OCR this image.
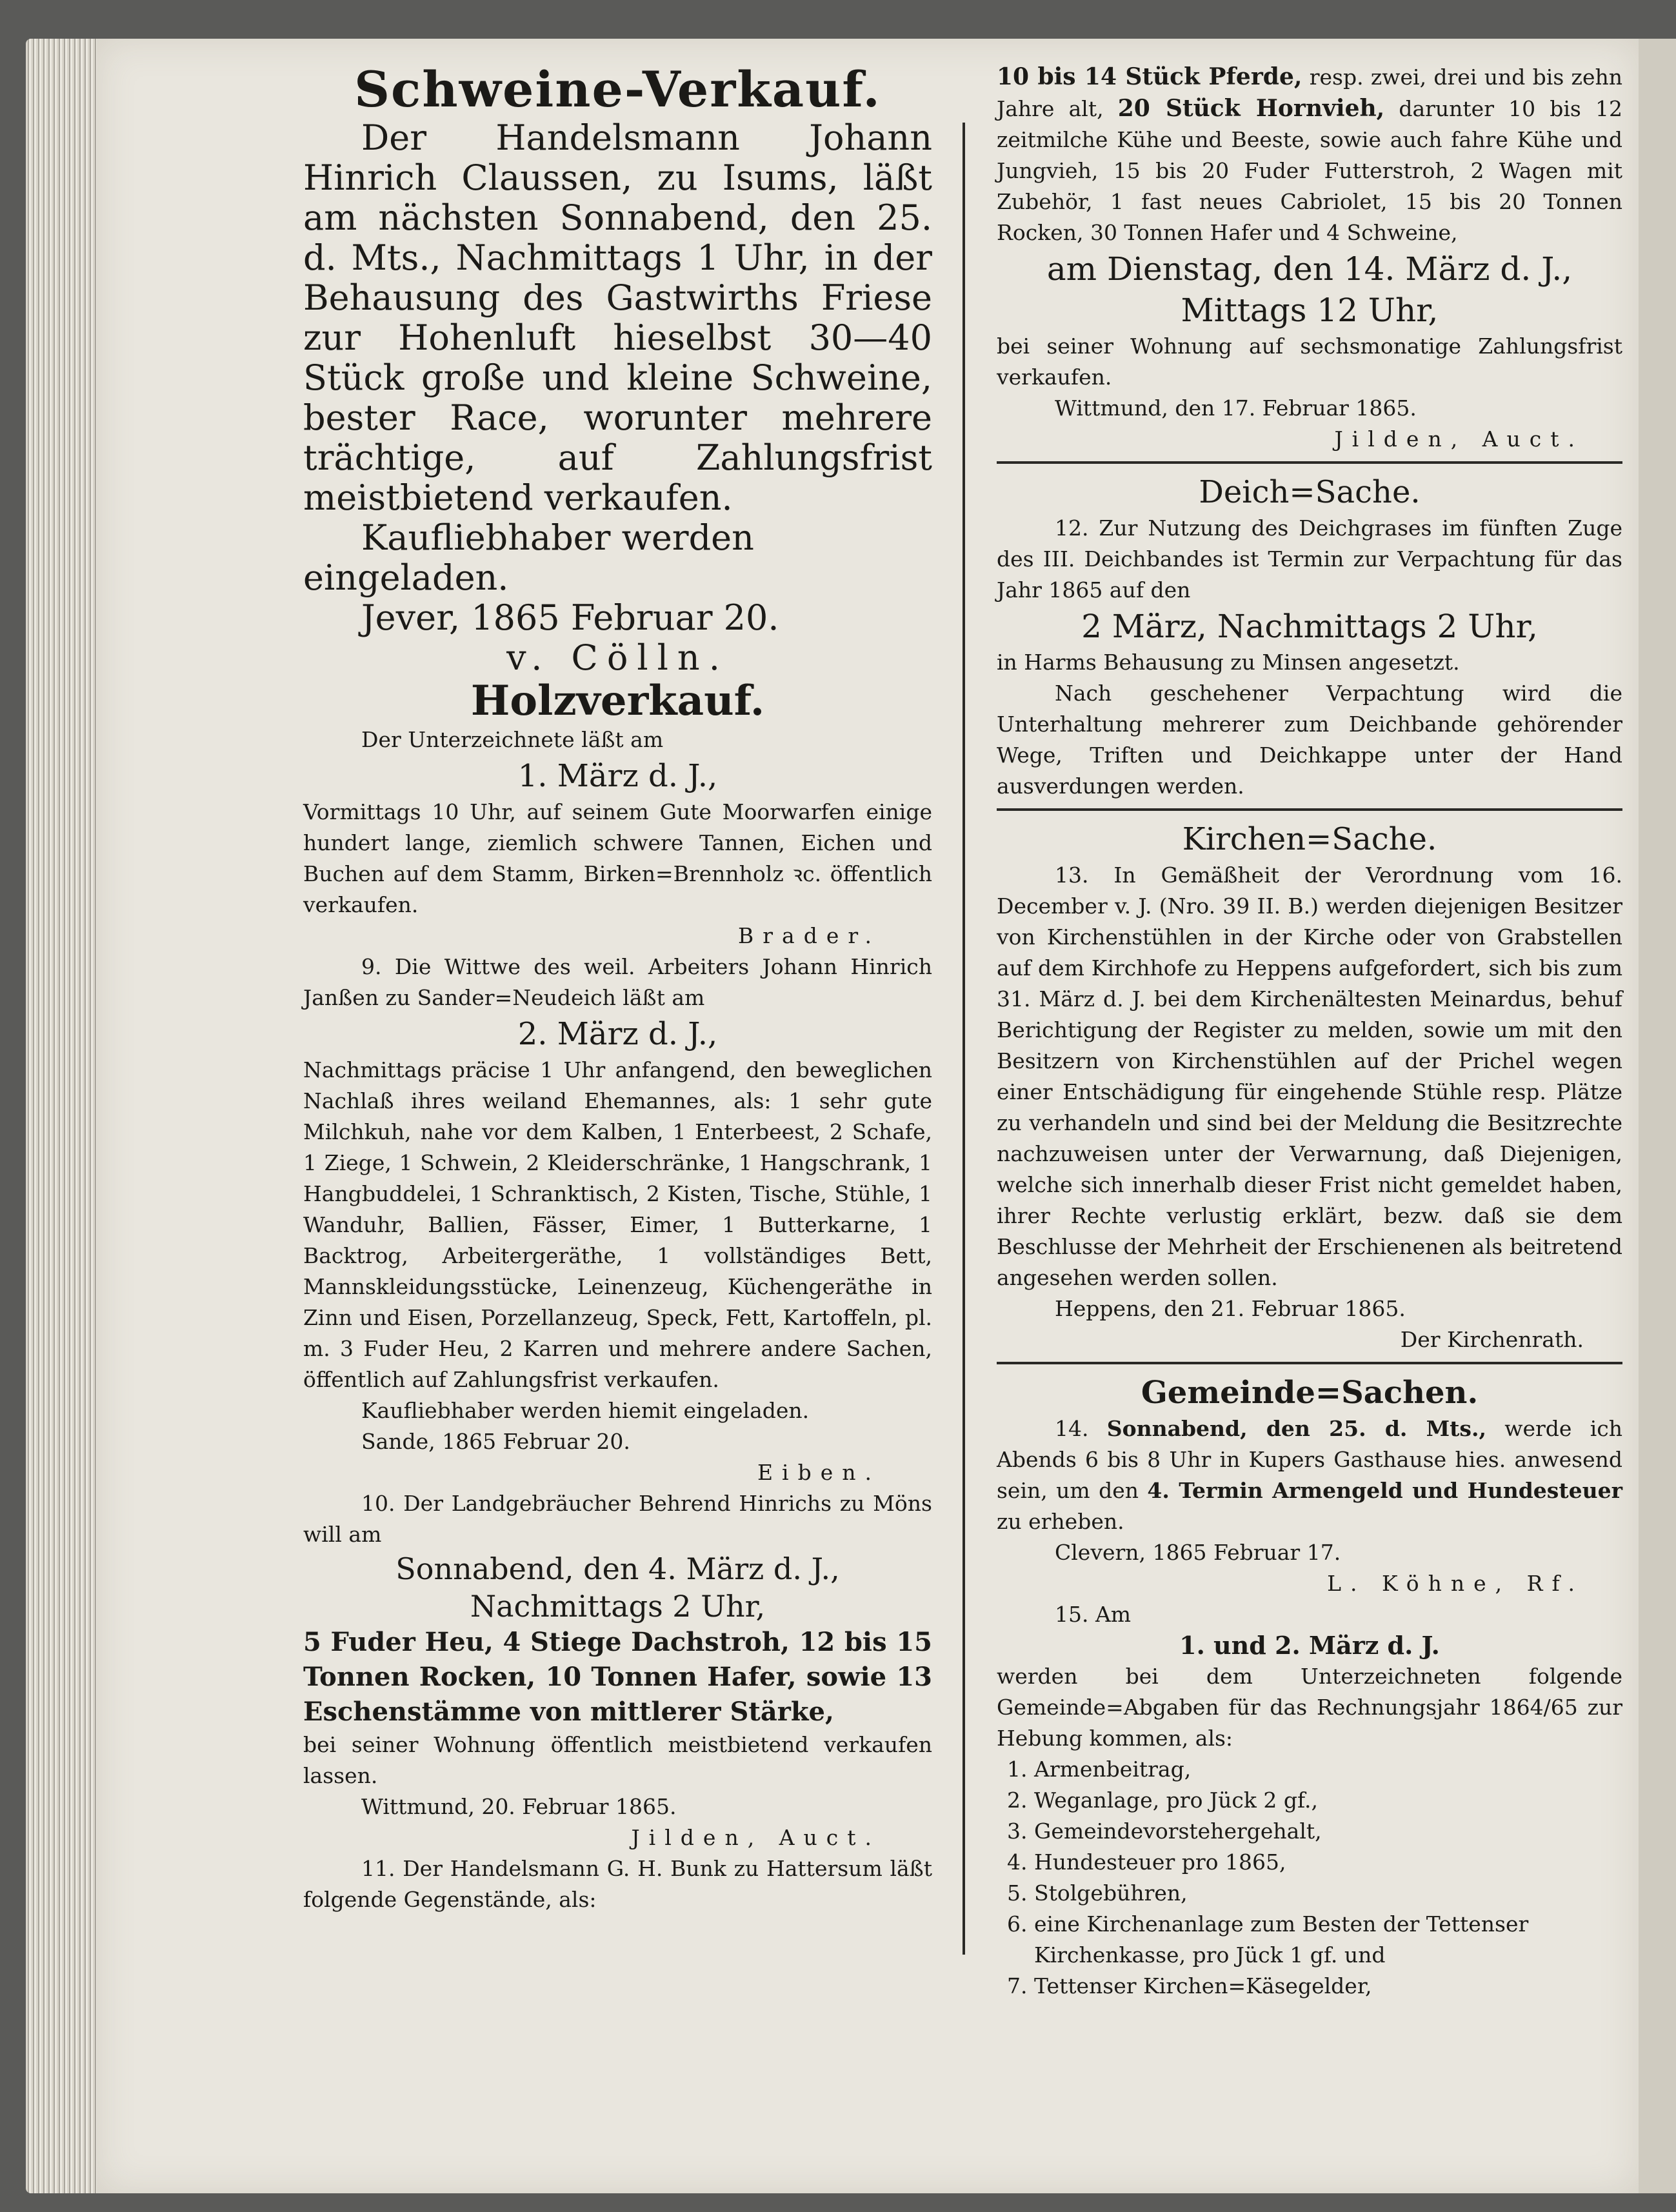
Schweine-Verkauf.

Der Handelsmann Johann Hinrich Claussen, zu Isums, läßt am nächsten Sonnabend, den 25. d. Mts., Nachmittags 1 Uhr, in der Behausung des Gastwirths Friese zur Hohenluft hieselbst 30—40 Stück große und kleine Schweine, bester Race, worunter mehrere trächtige, auf Zahlungsfrist meistbietend verkaufen.

Kaufliebhaber werden eingeladen.

Jever, 1865 Februar 20.

v. Cölln.

Holzverkauf.

Der Unterzeichnete läßt am

1. März d. J.,

Vormittags 10 Uhr, auf seinem Gute Moorwarfen einige hundert lange, ziemlich schwere Tannen, Eichen und Buchen auf dem Stamm, Birken=Brennholz ꝛc. öffentlich verkaufen.

Brader.

9. Die Wittwe des weil. Arbeiters Johann Hinrich Janßen zu Sander=Neudeich läßt am

2. März d. J.,

Nachmittags präcise 1 Uhr anfangend, den beweglichen Nachlaß ihres weiland Ehemannes, als: 1 sehr gute Milchkuh, nahe vor dem Kalben, 1 Enterbeest, 2 Schafe, 1 Ziege, 1 Schwein, 2 Kleiderschränke, 1 Hangschrank, 1 Hangbuddelei, 1 Schranktisch, 2 Kisten, Tische, Stühle, 1 Wanduhr, Ballien, Fässer, Eimer, 1 Butterkarne, 1 Backtrog, Arbeitergeräthe, 1 vollständiges Bett, Mannskleidungsstücke, Leinenzeug, Küchengeräthe in Zinn und Eisen, Porzellanzeug, Speck, Fett, Kartoffeln, pl. m. 3 Fuder Heu, 2 Karren und mehrere andere Sachen, öffentlich auf Zahlungsfrist verkaufen.

Kaufliebhaber werden hiemit eingeladen.

Sande, 1865 Februar 20.

Eiben.

10. Der Landgebräucher Behrend Hinrichs zu Möns will am

Sonnabend, den 4. März d. J.,

Nachmittags 2 Uhr,

5 Fuder Heu, 4 Stiege Dachstroh, 12 bis 15 Tonnen Rocken, 10 Tonnen Hafer, sowie 13 Eschenstämme von mittlerer Stärke,

bei seiner Wohnung öffentlich meistbietend verkaufen lassen.

Wittmund, 20. Februar 1865.

Jilden, Auct.

11. Der Handelsmann G. H. Bunk zu Hattersum läßt folgende Gegenstände, als:

10 bis 14 Stück Pferde, resp. zwei, drei und bis zehn Jahre alt, 20 Stück Hornvieh, darunter 10 bis 12 zeitmilche Kühe und Beeste, sowie auch fahre Kühe und Jungvieh, 15 bis 20 Fuder Futterstroh, 2 Wagen mit Zubehör, 1 fast neues Cabriolet, 15 bis 20 Tonnen Rocken, 30 Tonnen Hafer und 4 Schweine,

am Dienstag, den 14. März d. J.,

Mittags 12 Uhr,

bei seiner Wohnung auf sechsmonatige Zahlungsfrist verkaufen.

Wittmund, den 17. Februar 1865.

Jilden, Auct.

Deich=Sache.

12. Zur Nutzung des Deichgrases im fünften Zuge des III. Deichbandes ist Termin zur Verpachtung für das Jahr 1865 auf den

2 März, Nachmittags 2 Uhr,

in Harms Behausung zu Minsen angesetzt.

Nach geschehener Verpachtung wird die Unterhaltung mehrerer zum Deichbande gehörender Wege, Triften und Deichkappe unter der Hand ausverdungen werden.

Kirchen=Sache.

13. In Gemäßheit der Verordnung vom 16. December v. J. (Nro. 39 II. B.) werden diejenigen Besitzer von Kirchenstühlen in der Kirche oder von Grabstellen auf dem Kirchhofe zu Heppens aufgefordert, sich bis zum 31. März d. J. bei dem Kirchenältesten Meinardus, behuf Berichtigung der Register zu melden, sowie um mit den Besitzern von Kirchenstühlen auf der Prichel wegen einer Entschädigung für eingehende Stühle resp. Plätze zu verhandeln und sind bei der Meldung die Besitzrechte nachzuweisen unter der Verwarnung, daß Diejenigen, welche sich innerhalb dieser Frist nicht gemeldet haben, ihrer Rechte verlustig erklärt, bezw. daß sie dem Beschlusse der Mehrheit der Erschienenen als beitretend angesehen werden sollen.

Heppens, den 21. Februar 1865.

Der Kirchenrath.

Gemeinde=Sachen.

14. Sonnabend, den 25. d. Mts., werde ich Abends 6 bis 8 Uhr in Kupers Gasthause hies. anwesend sein, um den 4. Termin Armengeld und Hundesteuer zu erheben.

Clevern, 1865 Februar 17.

L. Köhne, Rf.

15. Am

1. und 2. März d. J.

werden bei dem Unterzeichneten folgende Gemeinde=Abgaben für das Rechnungsjahr 1864/65 zur Hebung kommen, als:

1. Armenbeitrag,
2. Weganlage, pro Jück 2 gf.,
3. Gemeindevorstehergehalt,
4. Hundesteuer pro 1865,
5. Stolgebühren,
6. eine Kirchenanlage zum Besten der Tettenser Kirchenkasse, pro Jück 1 gf. und
7. Tettenser Kirchen=Käsegelder,
